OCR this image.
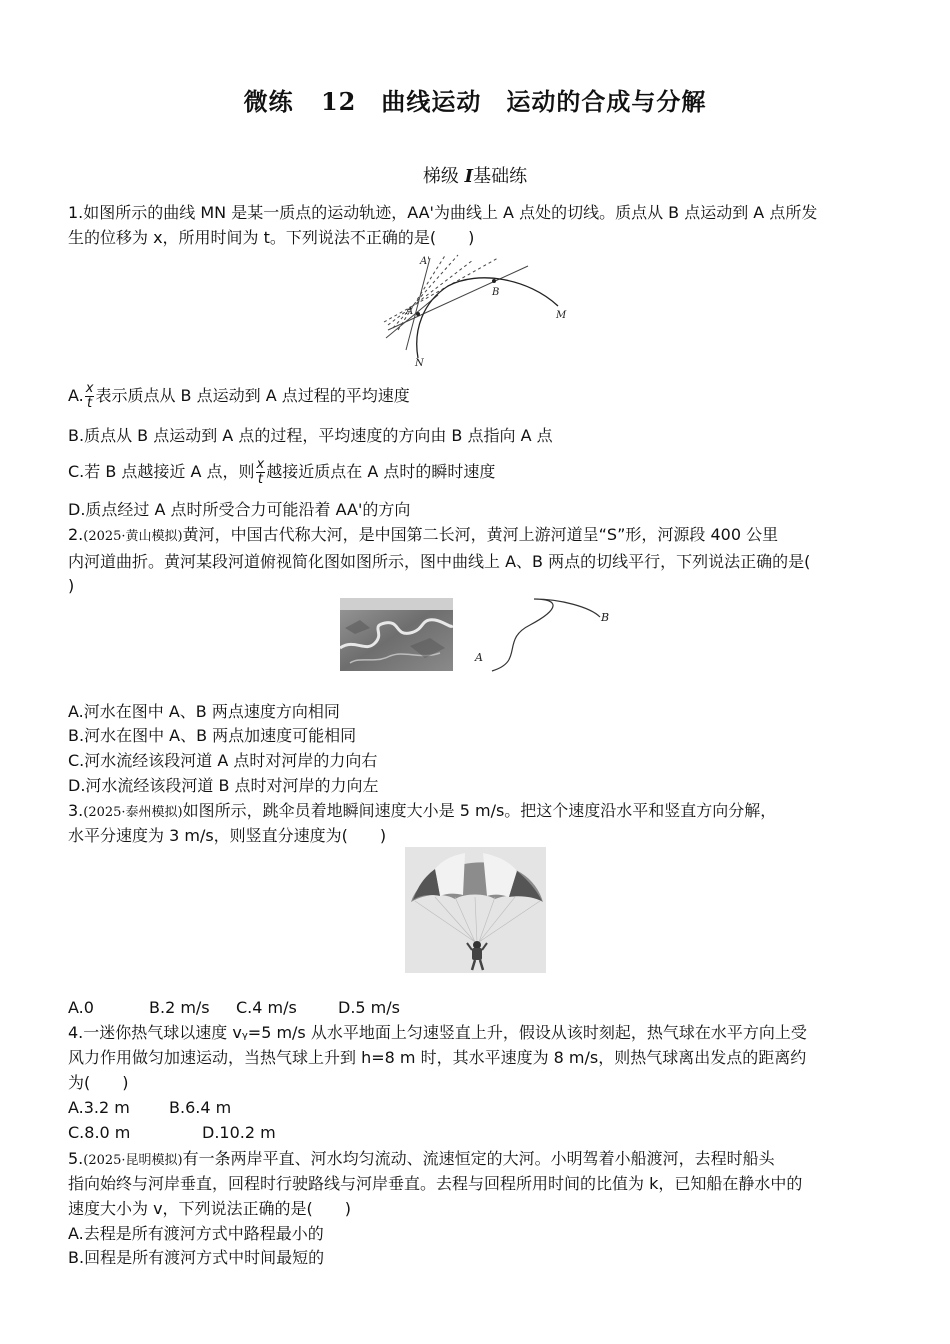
微练 12　曲线运动　运动的合成与分解
梯级 Ⅰ基础练
1.如图所示的曲线 MN 是某一质点的运动轨迹，AA'为曲线上 A 点处的切线。质点从 B 点运动到 A 点所发
生的位移为 x，所用时间为 t。下列说法不正确的是(　　)
A'
A
B
M
N
A. $\frac{x}{t}$ 表示质点从 B 点运动到 A 点过程的平均速度
B.质点从 B 点运动到 A 点的过程，平均速度的方向由 B 点指向 A 点
C.若 B 点越接近 A 点，则 $\frac{x}{t}$ 越接近质点在 A 点时的瞬时速度
D.质点经过 A 点时所受合力可能沿着 AA'的方向
2.(2025·黄山模拟)黄河，中国古代称大河，是中国第二长河，黄河上游河道呈“S”形，河源段 400 公里
内河道曲折。黄河某段河道俯视简化图如图所示，图中曲线上 A、B 两点的切线平行，下列说法正确的是(
)
A
B
A.河水在图中 A、B 两点速度方向相同
B.河水在图中 A、B 两点加速度可能相同
C.河水流经该段河道 A 点时对河岸的力向右
D.河水流经该段河道 B 点时对河岸的力向左
3.(2025·泰州模拟)如图所示，跳伞员着地瞬间速度大小是 5 m/s。把这个速度沿水平和竖直方向分解，
水平分速度为 3 m/s，则竖直分速度为(　　)
A.0	B.2 m/s C.4 m/s	D.5 m/s
4.一迷你热气球以速度 vᵧ=5 m/s 从水平地面上匀速竖直上升，假设从该时刻起，热气球在水平方向上受
风力作用做匀加速运动，当热气球上升到 h=8 m 时，其水平速度为 8 m/s，则热气球离出发点的距离约
为(　　)
A.3.2 m B.6.4 m
C.8.0 m	D.10.2 m
5.(2025·昆明模拟)有一条两岸平直、河水均匀流动、流速恒定的大河。小明驾着小船渡河，去程时船头
指向始终与河岸垂直，回程时行驶路线与河岸垂直。去程与回程所用时间的比值为 k，已知船在静水中的
速度大小为 v，下列说法正确的是(　　)
A.去程是所有渡河方式中路程最小的
B.回程是所有渡河方式中时间最短的
